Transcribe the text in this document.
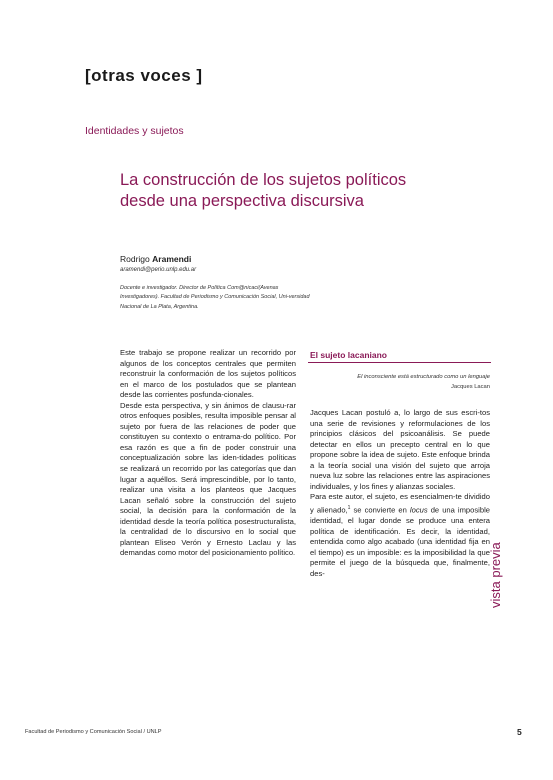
[otras voces ]
Identidades y sujetos
La construcción de los sujetos políticos
desde una perspectiva discursiva
Rodrigo Aramendi
aramendi@perio.unlp.edu.ar
Docente e investigador. Director de Política Com@nicaci(Avenas Investigadores). Facultad de Periodismo y Comunicación Social, Uni-versidad Nacional de La Plata, Argentina.

Este trabajo se propone realizar un recorrido por algunos de los conceptos centrales que permiten reconstruir la conformación de los sujetos políticos en el marco de los postulados que se plantean desde las corrientes posfunda-cionales.

Desde esta perspectiva, y sin ánimos de clausu-rar otros enfoques posibles, resulta imposible pensar al sujeto por fuera de las relaciones de poder que constituyen su contexto o entrama-do político. Por esa razón es que a fin de poder construir una conceptualización sobre las iden-tidades políticas se realizará un recorrido por las categorías que dan lugar a aquéllos. Será imprescindible, por lo tanto, realizar una visita a los planteos que Jacques Lacan señaló sobre la construcción del sujeto social, la decisión para la conformación de la identidad desde la teoría política posestructuralista, la centralidad de lo discursivo en lo social que plantean Eliseo Verón y Ernesto Laclau y las demandas como motor del posicionamiento político.

El sujeto lacaniano
El inconsciente está estructurado como un lenguaje
Jacques Lacan

Jacques Lacan postuló a, lo largo de sus escri-tos una serie de revisiones y reformulaciones de los principios clásicos del psicoanálisis. Se puede detectar en ellos un precepto central en lo que propone sobre la idea de sujeto. Este enfoque brinda a la teoría social una visión del sujeto que arroja nueva luz sobre las relaciones entre las aspiraciones individuales, y los fines y alianzas sociales.

Para este autor, el sujeto, es esencialmen-te dividido y alienado,$^1$ se convierte en locus de una imposible identidad, el lugar donde se produce una entera política de identificación. Es decir, la identidad, entendida como algo acabado (una identidad fija en el tiempo) es un imposible: es la imposibilidad la que permite el juego de la búsqueda que, finalmente, des-	vista previa
Facultad de Periodismo y Comunicación Social / UNLP	5
